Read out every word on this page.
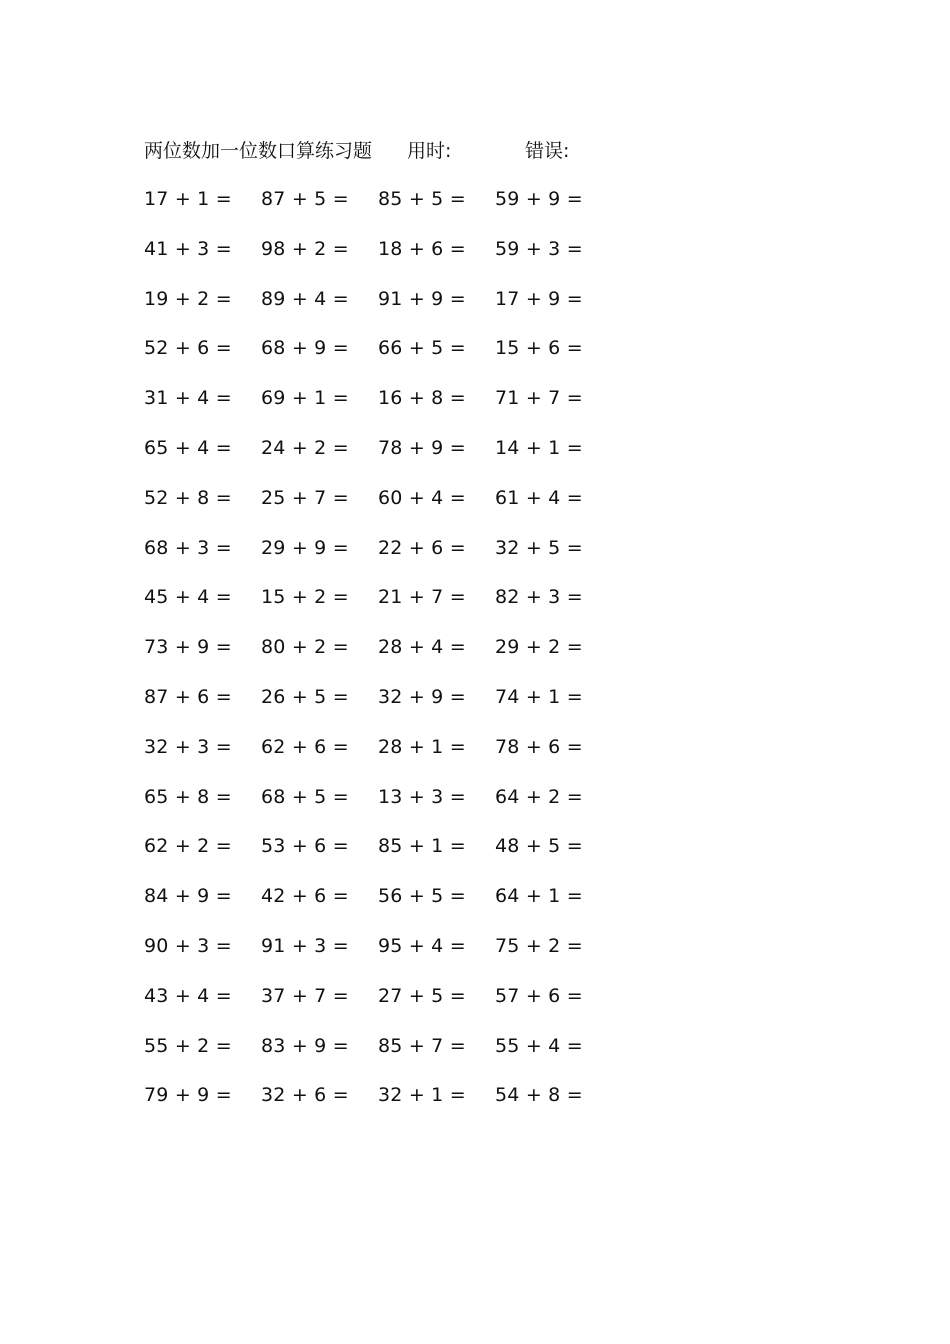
两位数加一位数口算练习题 用时:	错误:
17 + 1 = 87 + 5 = 85 + 5 = 59 + 9 =
41 + 3 = 98 + 2 = 18 + 6 = 59 + 3 =
19 + 2 = 89 + 4 = 91 + 9 = 17 + 9 =
52 + 6 = 68 + 9 = 66 + 5 = 15 + 6 =
31 + 4 = 69 + 1 = 16 + 8 = 71 + 7 =
65 + 4 = 24 + 2 = 78 + 9 = 14 + 1 =
52 + 8 = 25 + 7 = 60 + 4 = 61 + 4 =
68 + 3 = 29 + 9 = 22 + 6 = 32 + 5 =
45 + 4 = 15 + 2 = 21 + 7 = 82 + 3 =
73 + 9 = 80 + 2 = 28 + 4 = 29 + 2 =
87 + 6 = 26 + 5 = 32 + 9 = 74 + 1 =
32 + 3 = 62 + 6 = 28 + 1 = 78 + 6 =
65 + 8 = 68 + 5 = 13 + 3 = 64 + 2 =
62 + 2 = 53 + 6 = 85 + 1 = 48 + 5 =
84 + 9 = 42 + 6 = 56 + 5 = 64 + 1 =
90 + 3 = 91 + 3 = 95 + 4 = 75 + 2 =
43 + 4 = 37 + 7 = 27 + 5 = 57 + 6 =
55 + 2 = 83 + 9 = 85 + 7 = 55 + 4 =
79 + 9 = 32 + 6 = 32 + 1 = 54 + 8 =
